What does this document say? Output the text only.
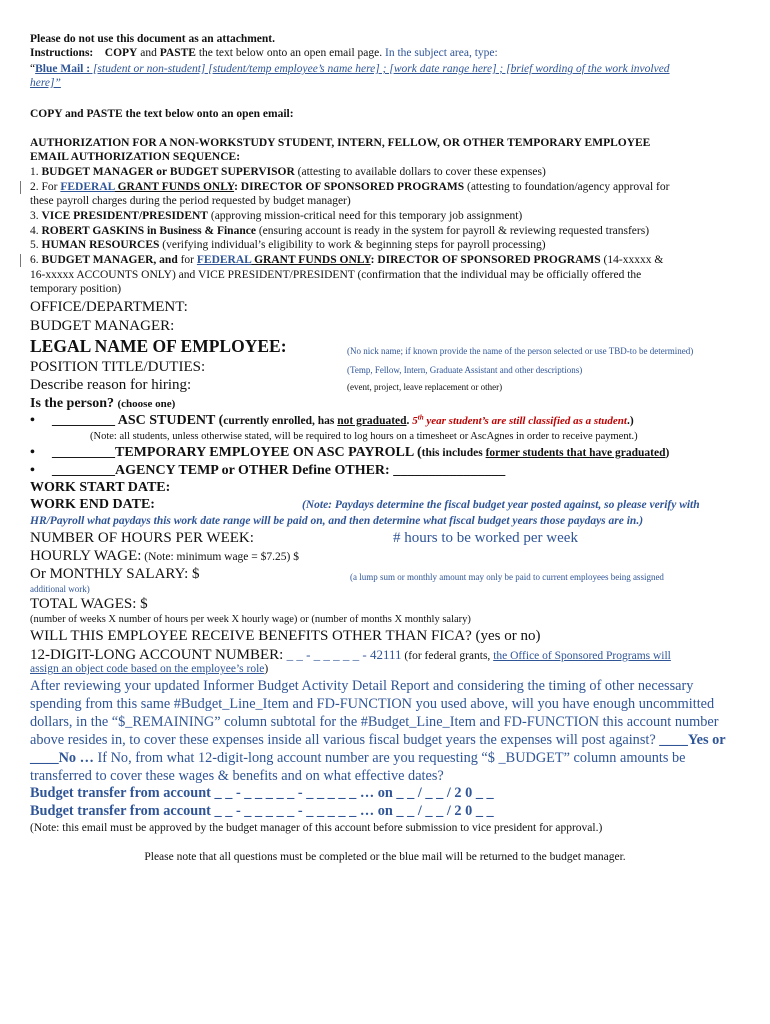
Please do not use this document as an attachment.
Instructions: COPY and PASTE the text below onto an open email page. In the subject area, type:
“Blue Mail : [student or non-student] [student/temp employee’s name here] ; [work date range here] ; [brief wording of the work involved
here]”
COPY and PASTE the text below onto an open email:
AUTHORIZATION FOR A NON-WORKSTUDY STUDENT, INTERN, FELLOW, OR OTHER TEMPORARY EMPLOYEE
EMAIL AUTHORIZATION SEQUENCE:
1. BUDGET MANAGER or BUDGET SUPERVISOR (attesting to available dollars to cover these expenses)
2. For FEDERAL GRANT FUNDS ONLY: DIRECTOR OF SPONSORED PROGRAMS (attesting to foundation/agency approval for
these payroll charges during the period requested by budget manager)
3. VICE PRESIDENT/PRESIDENT (approving mission-critical need for this temporary job assignment)
4. ROBERT GASKINS in Business & Finance (ensuring account is ready in the system for payroll & reviewing requested transfers)
5. HUMAN RESOURCES (verifying individual’s eligibility to work & beginning steps for payroll processing)
6. BUDGET MANAGER, and for FEDERAL GRANT FUNDS ONLY: DIRECTOR OF SPONSORED PROGRAMS (14-xxxxx &
16-xxxxx ACCOUNTS ONLY) and VICE PRESIDENT/PRESIDENT (confirmation that the individual may be officially offered the
temporary position)
OFFICE/DEPARTMENT:
BUDGET MANAGER:
LEGAL NAME OF EMPLOYEE:	(No nick name; if known provide the name of the person selected or use TBD-to be determined)
POSITION TITLE/DUTIES:	(Temp, Fellow, Intern, Graduate Assistant and other descriptions)
Describe reason for hiring:	(event, project, leave replacement or other)
Is the person? (choose one)
• _________ ASC STUDENT (currently enrolled, has not graduated. 5th year student’s are still classified as a student.)
(Note: all students, unless otherwise stated, will be required to log hours on a timesheet or AscAgnes in order to receive payment.)
• _________TEMPORARY EMPLOYEE ON ASC PAYROLL (this includes former students that have graduated)
• _________AGENCY TEMP or OTHER Define OTHER: ________________
WORK START DATE:
WORK END DATE:	(Note: Paydays determine the fiscal budget year posted against, so please verify with
HR/Payroll what paydays this work date range will be paid on, and then determine what fiscal budget years those paydays are in.)
NUMBER OF HOURS PER WEEK:	# hours to be worked per week
HOURLY WAGE: (Note: minimum wage = $7.25) $
Or MONTHLY SALARY: $	(a lump sum or monthly amount may only be paid to current employees being assigned
additional work)
TOTAL WAGES: $
(number of weeks X number of hours per week X hourly wage) or (number of months X monthly salary)
WILL THIS EMPLOYEE RECEIVE BENEFITS OTHER THAN FICA? (yes or no)
12-DIGIT-LONG ACCOUNT NUMBER: _ _ - _ _ _ _ _ - 42111 (for federal grants, the Office of Sponsored Programs will
assign an object code based on the employee’s role)
After reviewing your updated Informer Budget Activity Detail Report and considering the timing of other necessary spending from this same #Budget_Line_Item and FD-FUNCTION you used above, will you have enough uncommitted dollars, in the “$_REMAINING” column subtotal for the #Budget_Line_Item and FD-FUNCTION this account number above resides in, to cover these expenses inside all various fiscal budget years the expenses will post against? ____Yes or ____No … If No, from what 12-digit-long account number are you requesting “$ _BUDGET” column amounts be transferred to cover these wages & benefits and on what effective dates?
Budget transfer from account _ _ - _ _ _ _ _ - _ _ _ _ _ … on _ _ / _ _ / 2 0 _ _
Budget transfer from account _ _ - _ _ _ _ _ - _ _ _ _ _ … on _ _ / _ _ / 2 0 _ _
(Note: this email must be approved by the budget manager of this account before submission to vice president for approval.)
Please note that all questions must be completed or the blue mail will be returned to the budget manager.
